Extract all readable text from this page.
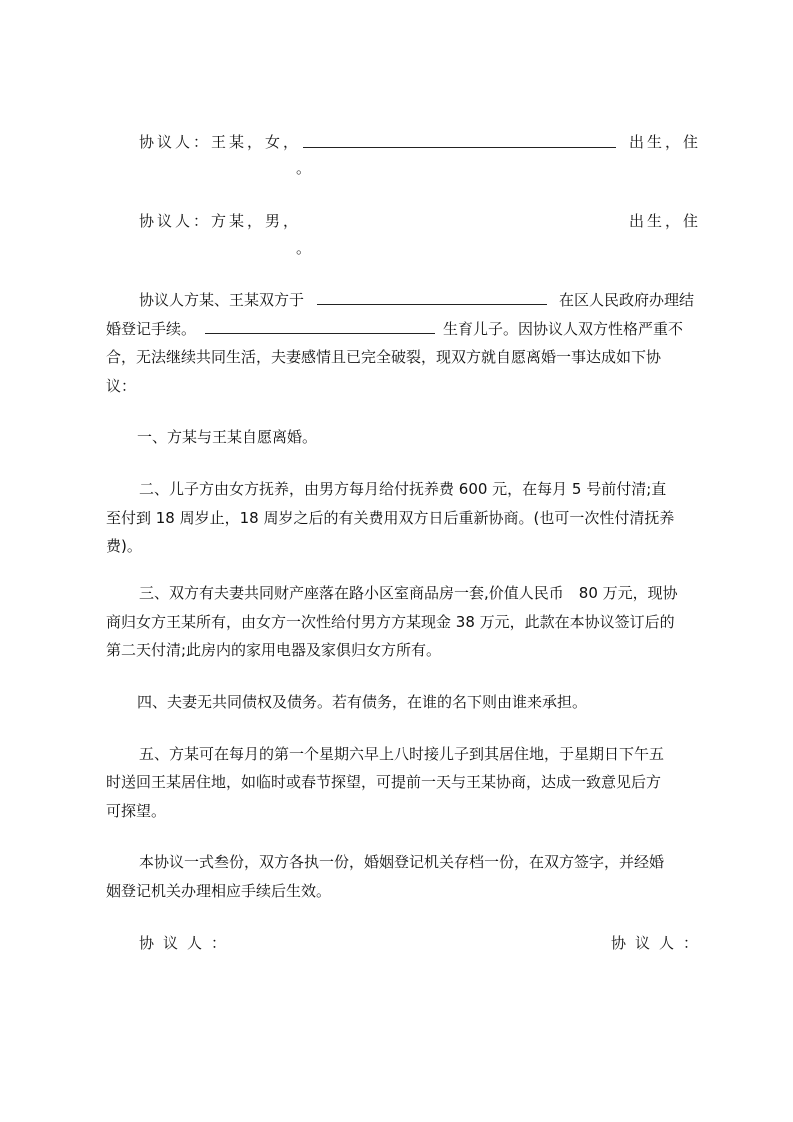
协议人：王某，女，	出生，住
。
协议人：方某，男，	出生，住
。
协议人方某、王某双方于	在区人民政府办理结
婚登记手续。	生育儿子。因协议人双方性格严重不
合，无法继续共同生活，夫妻感情且已完全破裂，现双方就自愿离婚一事达成如下协
议：
一、方某与王某自愿离婚。
二、儿子方由女方抚养，由男方每月给付抚养费 600 元，在每月 5 号前付清;直
至付到 18 周岁止，18 周岁之后的有关费用双方日后重新协商。(也可一次性付清抚养
费)。
三、双方有夫妻共同财产座落在路小区室商品房一套,价值人民币　80 万元，现协
商归女方王某所有，由女方一次性给付男方方某现金 38 万元，此款在本协议签订后的
第二天付清;此房内的家用电器及家俱归女方所有。
四、夫妻无共同债权及债务。若有债务，在谁的名下则由谁来承担。
五、方某可在每月的第一个星期六早上八时接儿子到其居住地，于星期日下午五
时送回王某居住地，如临时或春节探望，可提前一天与王某协商，达成一致意见后方
可探望。
本协议一式叁份，双方各执一份，婚姻登记机关存档一份，在双方签字，并经婚
姻登记机关办理相应手续后生效。
协议人：	协议人：
